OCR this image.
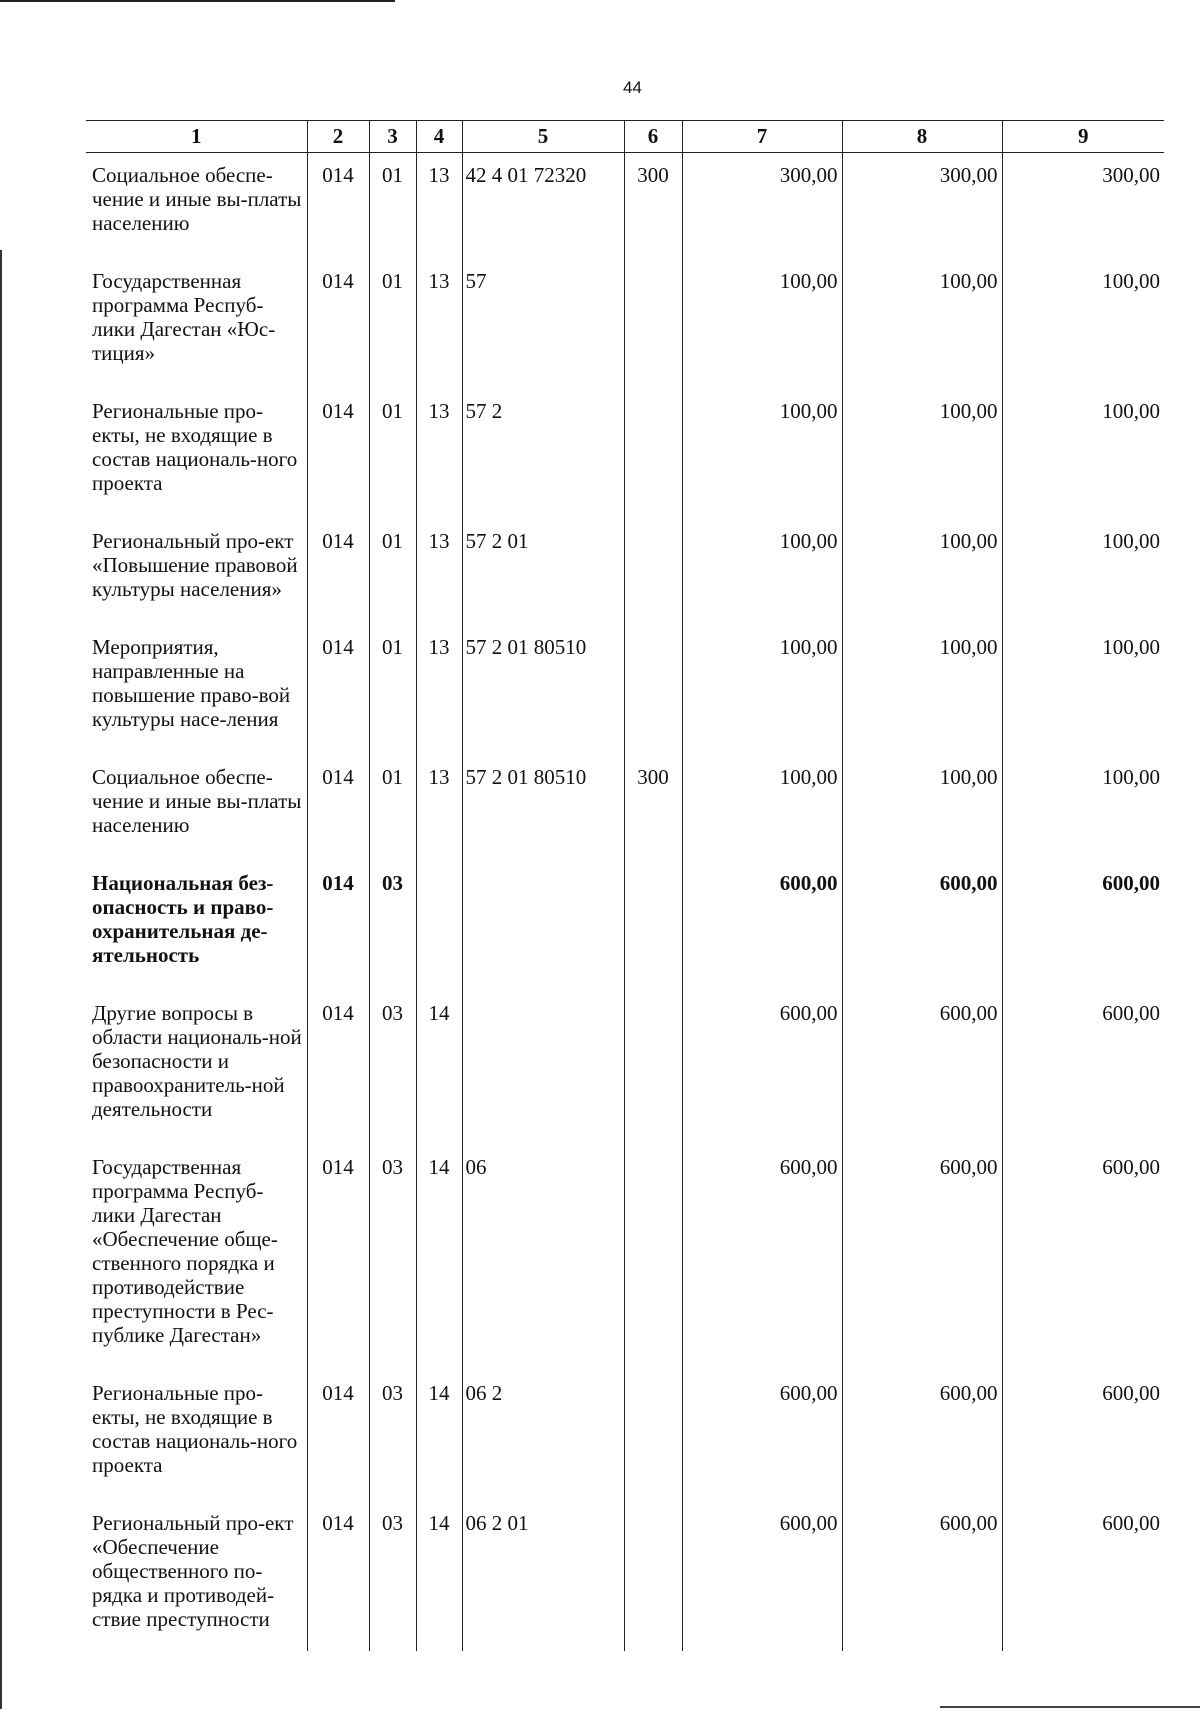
44
1	2	3	4	5	6	7	8	9
Социальное обеспе-чение и иные вы-платы населению	014	01	13	42 4 01 72320	300	300,00	300,00	300,00
Государственная программа Респуб-лики Дагестан «Юс-тиция»	014	01	13	57		100,00	100,00	100,00
Региональные про-екты, не входящие в состав националь-ного проекта	014	01	13	57 2		100,00	100,00	100,00
Региональный про-ект «Повышение правовой культуры населения»	014	01	13	57 2 01		100,00	100,00	100,00
Мероприятия, направленные на повышение право-вой культуры насе-ления	014	01	13	57 2 01 80510		100,00	100,00	100,00
Социальное обеспе-чение и иные вы-платы населению	014	01	13	57 2 01 80510	300	100,00	100,00	100,00
Национальная без-опасность и право-охранительная де-ятельность	014	03				600,00	600,00	600,00
Другие вопросы в области националь-ной безопасности и правоохранитель-ной деятельности	014	03	14			600,00	600,00	600,00
Государственная программа Респуб-лики Дагестан «Обеспечение обще-ственного порядка и противодействие преступности в Рес-публике Дагестан»	014	03	14	06		600,00	600,00	600,00
Региональные про-екты, не входящие в состав националь-ного проекта	014	03	14	06 2		600,00	600,00	600,00
Региональный про-ект «Обеспечение общественного по-рядка и противодей-ствие преступности	014	03	14	06 2 01		600,00	600,00	600,00
